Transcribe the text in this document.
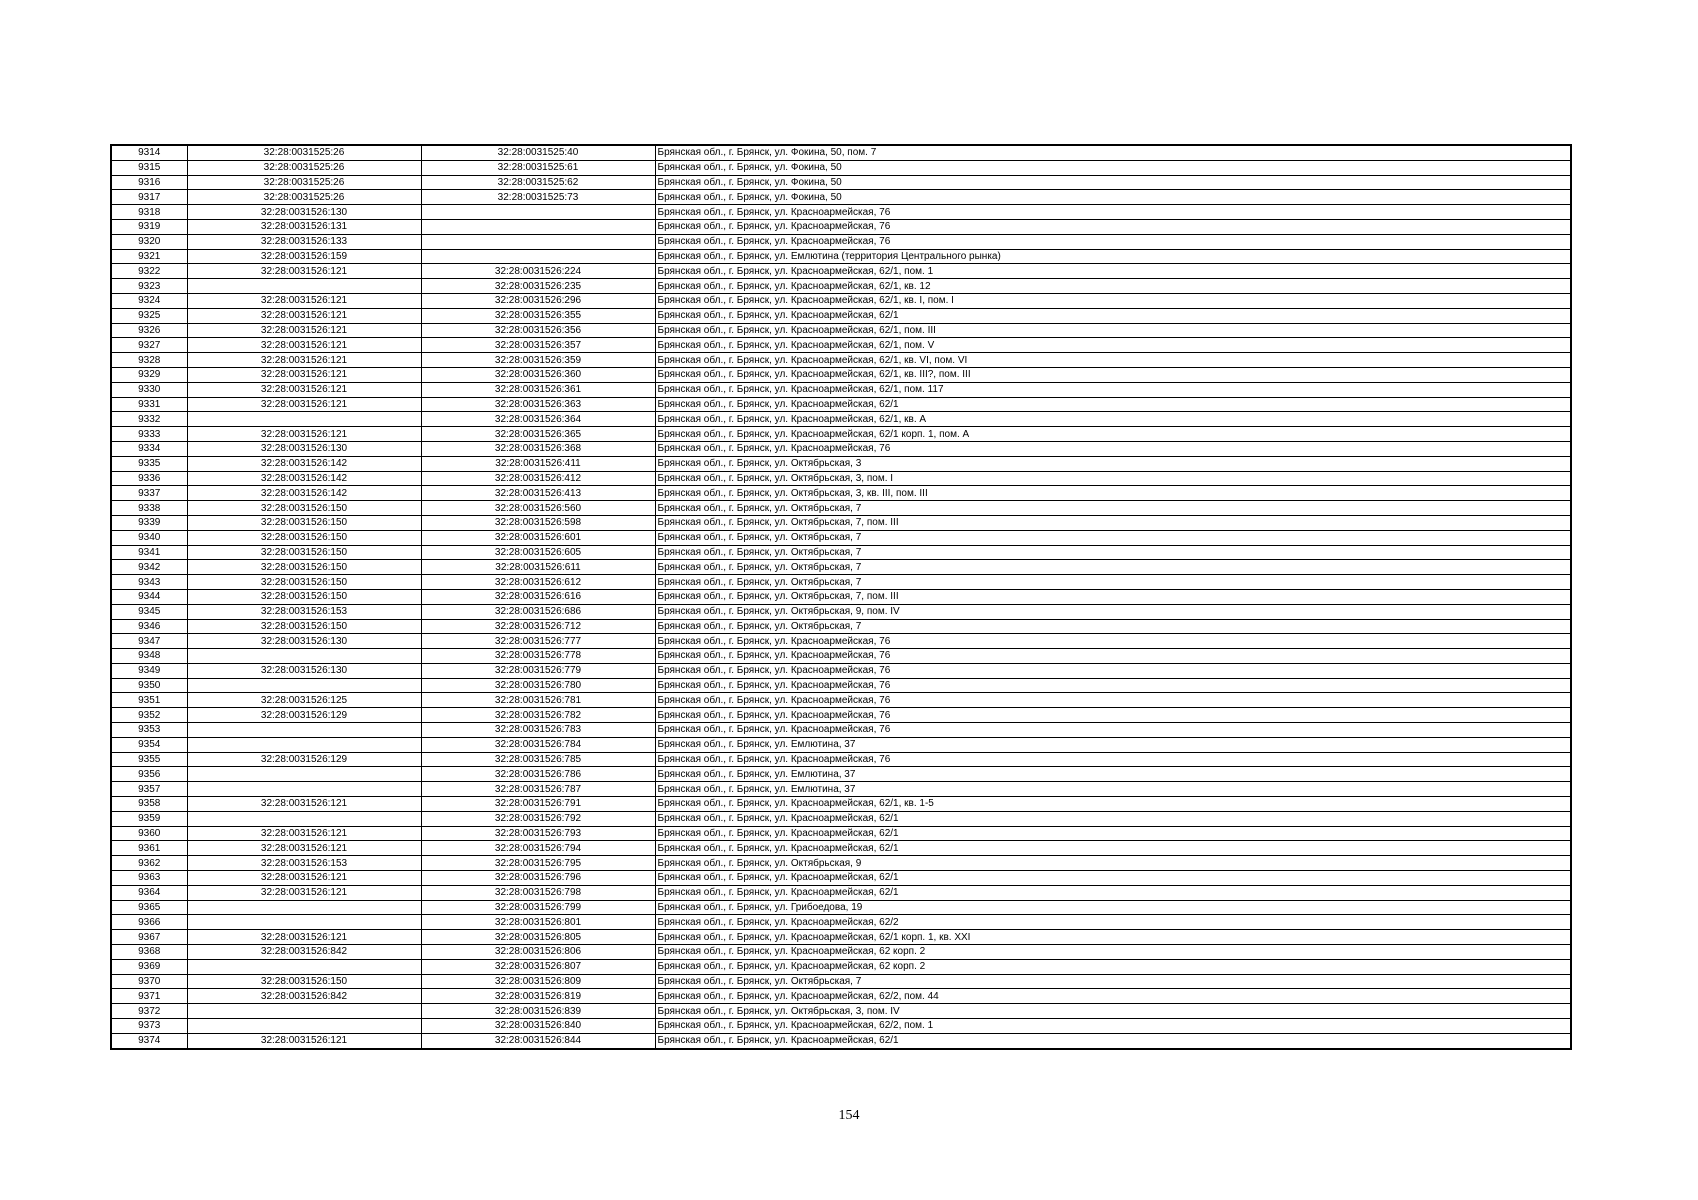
9314	32:28:0031525:26	32:28:0031525:40	Брянская обл., г. Брянск, ул. Фокина, 50, пом. 7
9315	32:28:0031525:26	32:28:0031525:61	Брянская обл., г. Брянск, ул. Фокина, 50
9316	32:28:0031525:26	32:28:0031525:62	Брянская обл., г. Брянск, ул. Фокина, 50
9317	32:28:0031525:26	32:28:0031525:73	Брянская обл., г. Брянск, ул. Фокина, 50
9318	32:28:0031526:130		Брянская обл., г. Брянск, ул. Красноармейская, 76
9319	32:28:0031526:131		Брянская обл., г. Брянск, ул. Красноармейская, 76
9320	32:28:0031526:133		Брянская обл., г. Брянск, ул. Красноармейская, 76
9321	32:28:0031526:159		Брянская обл., г. Брянск, ул. Емлютина (территория Центрального рынка)
9322	32:28:0031526:121	32:28:0031526:224	Брянская обл., г. Брянск, ул. Красноармейская, 62/1, пом. 1
9323		32:28:0031526:235	Брянская обл., г. Брянск, ул. Красноармейская, 62/1, кв. 12
9324	32:28:0031526:121	32:28:0031526:296	Брянская обл., г. Брянск, ул. Красноармейская, 62/1, кв. I, пом. I
9325	32:28:0031526:121	32:28:0031526:355	Брянская обл., г. Брянск, ул. Красноармейская, 62/1
9326	32:28:0031526:121	32:28:0031526:356	Брянская обл., г. Брянск, ул. Красноармейская, 62/1, пом. III
9327	32:28:0031526:121	32:28:0031526:357	Брянская обл., г. Брянск, ул. Красноармейская, 62/1, пом. V
9328	32:28:0031526:121	32:28:0031526:359	Брянская обл., г. Брянск, ул. Красноармейская, 62/1, кв. VI, пом. VI
9329	32:28:0031526:121	32:28:0031526:360	Брянская обл., г. Брянск, ул. Красноармейская, 62/1, кв. III?, пом. III
9330	32:28:0031526:121	32:28:0031526:361	Брянская обл., г. Брянск, ул. Красноармейская, 62/1, пом. 117
9331	32:28:0031526:121	32:28:0031526:363	Брянская обл., г. Брянск, ул. Красноармейская, 62/1
9332		32:28:0031526:364	Брянская обл., г. Брянск, ул. Красноармейская, 62/1, кв. А
9333	32:28:0031526:121	32:28:0031526:365	Брянская обл., г. Брянск, ул. Красноармейская, 62/1 корп. 1, пом. А
9334	32:28:0031526:130	32:28:0031526:368	Брянская обл., г. Брянск, ул. Красноармейская, 76
9335	32:28:0031526:142	32:28:0031526:411	Брянская обл., г. Брянск, ул. Октябрьская, 3
9336	32:28:0031526:142	32:28:0031526:412	Брянская обл., г. Брянск, ул. Октябрьская, 3, пом. I
9337	32:28:0031526:142	32:28:0031526:413	Брянская обл., г. Брянск, ул. Октябрьская, 3, кв. III, пом. III
9338	32:28:0031526:150	32:28:0031526:560	Брянская обл., г. Брянск, ул. Октябрьская, 7
9339	32:28:0031526:150	32:28:0031526:598	Брянская обл., г. Брянск, ул. Октябрьская, 7, пом. III
9340	32:28:0031526:150	32:28:0031526:601	Брянская обл., г. Брянск, ул. Октябрьская, 7
9341	32:28:0031526:150	32:28:0031526:605	Брянская обл., г. Брянск, ул. Октябрьская, 7
9342	32:28:0031526:150	32:28:0031526:611	Брянская обл., г. Брянск, ул. Октябрьская, 7
9343	32:28:0031526:150	32:28:0031526:612	Брянская обл., г. Брянск, ул. Октябрьская, 7
9344	32:28:0031526:150	32:28:0031526:616	Брянская обл., г. Брянск, ул. Октябрьская, 7, пом. III
9345	32:28:0031526:153	32:28:0031526:686	Брянская обл., г. Брянск, ул. Октябрьская, 9, пом. IV
9346	32:28:0031526:150	32:28:0031526:712	Брянская обл., г. Брянск, ул. Октябрьская, 7
9347	32:28:0031526:130	32:28:0031526:777	Брянская обл., г. Брянск, ул. Красноармейская, 76
9348		32:28:0031526:778	Брянская обл., г. Брянск, ул. Красноармейская, 76
9349	32:28:0031526:130	32:28:0031526:779	Брянская обл., г. Брянск, ул. Красноармейская, 76
9350		32:28:0031526:780	Брянская обл., г. Брянск, ул. Красноармейская, 76
9351	32:28:0031526:125	32:28:0031526:781	Брянская обл., г. Брянск, ул. Красноармейская, 76
9352	32:28:0031526:129	32:28:0031526:782	Брянская обл., г. Брянск, ул. Красноармейская, 76
9353		32:28:0031526:783	Брянская обл., г. Брянск, ул. Красноармейская, 76
9354		32:28:0031526:784	Брянская обл., г. Брянск, ул. Емлютина, 37
9355	32:28:0031526:129	32:28:0031526:785	Брянская обл., г. Брянск, ул. Красноармейская, 76
9356		32:28:0031526:786	Брянская обл., г. Брянск, ул. Емлютина, 37
9357		32:28:0031526:787	Брянская обл., г. Брянск, ул. Емлютина, 37
9358	32:28:0031526:121	32:28:0031526:791	Брянская обл., г. Брянск, ул. Красноармейская, 62/1, кв. 1-5
9359		32:28:0031526:792	Брянская обл., г. Брянск, ул. Красноармейская, 62/1
9360	32:28:0031526:121	32:28:0031526:793	Брянская обл., г. Брянск, ул. Красноармейская, 62/1
9361	32:28:0031526:121	32:28:0031526:794	Брянская обл., г. Брянск, ул. Красноармейская, 62/1
9362	32:28:0031526:153	32:28:0031526:795	Брянская обл., г. Брянск, ул. Октябрьская, 9
9363	32:28:0031526:121	32:28:0031526:796	Брянская обл., г. Брянск, ул. Красноармейская, 62/1
9364	32:28:0031526:121	32:28:0031526:798	Брянская обл., г. Брянск, ул. Красноармейская, 62/1
9365		32:28:0031526:799	Брянская обл., г. Брянск, ул. Грибоедова, 19
9366		32:28:0031526:801	Брянская обл., г. Брянск, ул. Красноармейская, 62/2
9367	32:28:0031526:121	32:28:0031526:805	Брянская обл., г. Брянск, ул. Красноармейская, 62/1 корп. 1, кв. XXI
9368	32:28:0031526:842	32:28:0031526:806	Брянская обл., г. Брянск, ул. Красноармейская, 62 корп. 2
9369		32:28:0031526:807	Брянская обл., г. Брянск, ул. Красноармейская, 62 корп. 2
9370	32:28:0031526:150	32:28:0031526:809	Брянская обл., г. Брянск, ул. Октябрьская, 7
9371	32:28:0031526:842	32:28:0031526:819	Брянская обл., г. Брянск, ул. Красноармейская, 62/2, пом. 44
9372		32:28:0031526:839	Брянская обл., г. Брянск, ул. Октябрьская, 3, пом. IV
9373		32:28:0031526:840	Брянская обл., г. Брянск, ул. Красноармейская, 62/2, пом. 1
9374	32:28:0031526:121	32:28:0031526:844	Брянская обл., г. Брянск, ул. Красноармейская, 62/1
154
